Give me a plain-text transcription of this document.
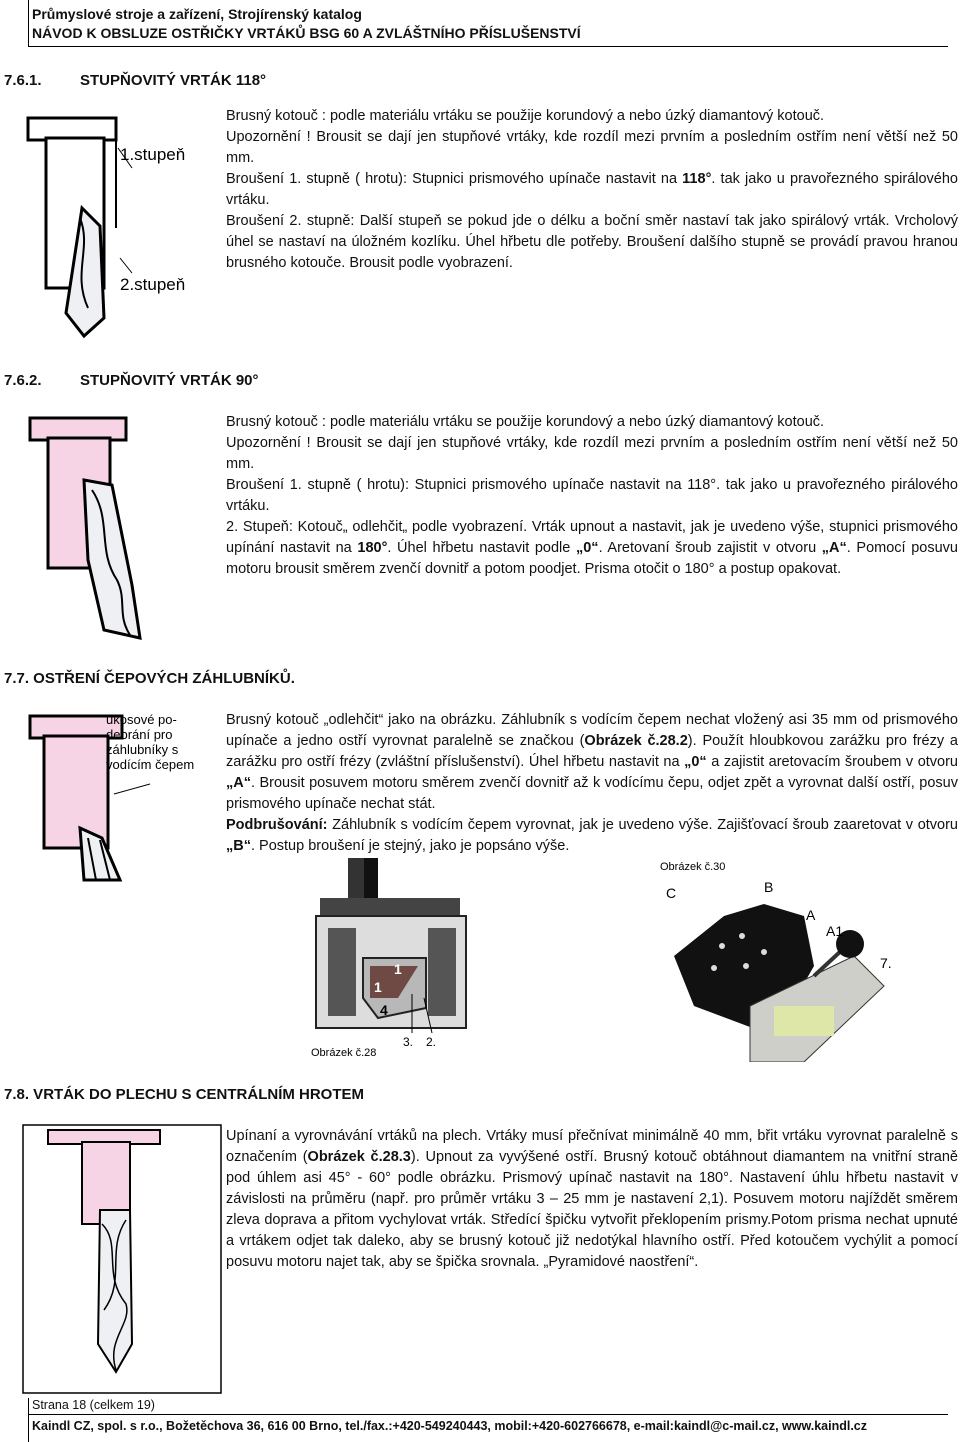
Průmyslové stroje a zařízení, Strojírenský katalog
NÁVOD K OBSLUZE OSTŘIČKY VRTÁKŮ BSG 60 A ZVLÁŠTNÍHO PŘÍSLUŠENSTVÍ
7.6.1.	STUPŇOVITÝ VRTÁK 118°
1.stupeň
2.stupeň

Brusný kotouč : podle materiálu vrtáku se použije korundový a nebo úzký diamantový kotouč.

Upozornění ! Brousit se dají jen stupňové vrtáky, kde rozdíl mezi prvním a posledním ostřím není větší než 50 mm.

Broušení 1. stupně ( hrotu): Stupnici prismového upínače nastavit na 118°. tak jako u pravořezného spirálového vrtáku.

Broušení 2. stupně: Další stupeň se pokud jde o délku a boční směr nastaví tak jako spirálový vrták. Vrcholový úhel se nastaví na úložném kozlíku. Úhel hřbetu dle potřeby. Broušení dalšího stupně se provádí pravou hranou brusného kotouče. Brousit podle vyobrazení.

7.6.2.	STUPŇOVITÝ VRTÁK 90°

Brusný kotouč : podle materiálu vrtáku se použije korundový a nebo úzký diamantový kotouč.

Upozornění ! Brousit se dají jen stupňové vrtáky, kde rozdíl mezi prvním a posledním ostřím není větší než 50 mm.

Broušení 1. stupně ( hrotu): Stupnici prismového upínače nastavit na 118°. tak jako u pravořezného pirálového vrtáku.

2. Stupeň: Kotouč„ odlehčit„ podle vyobrazení. Vrták upnout a nastavit, jak je uvedeno výše, stupnici prismového upínání nastavit na 180°. Úhel hřbetu nastavit podle „0“. Aretovaní šroub zajistit v otvoru „A“. Pomocí posuvu motoru brousit směrem zvenčí dovnitř a potom poodjet. Prisma otočit o 180° a postup opakovat.

7.7. OSTŘENÍ ČEPOVÝCH ZÁHLUBNÍKŮ.
ukosové po-
debrání pro
záhlubníky s
vodícím čepem

Brusný kotouč „odlehčit“ jako na obrázku. Záhlubník s vodícím čepem nechat vložený asi 35 mm od prismového upínače a jedno ostří vyrovnat paralelně se značkou (Obrázek č.28.2). Použít hloubkovou zarážku pro frézy a zarážku pro ostří frézy (zvláštní příslušenství). Úhel hřbetu nastavit na „0“ a zajistit aretovacím šroubem v otvoru „A“. Brousit posuvem motoru směrem zvenčí dovnitř až k vodícímu čepu, odjet zpět a vyrovnat další ostří, posuv prismového upínače nechat stát.

Podbrušování: Záhlubník s vodícím čepem vyrovnat, jak je uvedeno výše. Zajišťovací šroub zaaretovat v otvoru „B“. Postup broušení je stejný, jako je popsáno výše.

1
1
4
3. 2.
Obrázek č.28
Obrázek č.30
C	B
A
A1
7.
7.8. VRTÁK DO PLECHU S CENTRÁLNÍM HROTEM

Upínaní a vyrovnávání vrtáků na plech. Vrtáky musí přečnívat minimálně 40 mm, břit vrtáku vyrovnat paralelně s označením (Obrázek č.28.3). Upnout za vyvýšené ostří. Brusný kotouč obtáhnout diamantem na vnitřní straně pod úhlem asi 45° - 60° podle obrázku. Prismový upínač nastavit na 180°. Nastavení úhlu hřbetu nastavit v závislosti na průměru (např. pro průměr vrtáku 3 – 25 mm je nastavení 2,1). Posuvem motoru najíždět směrem zleva doprava a přitom vychylovat vrták. Středící špičku vytvořit překlopením prismy.Potom prisma nechat upnuté a vrtákem odjet tak daleko, aby se brusný kotouč již nedotýkal hlavního ostří. Před kotoučem vychýlit a pomocí posuvu motoru najet tak, aby se špička srovnala. „Pyramidové naostření“.

Strana 18 (celkem 19)
Kaindl CZ, spol. s r.o., Božetěchova 36, 616 00 Brno, tel./fax.:+420-549240443, mobil:+420-602766678, e-mail:kaindl@c-mail.cz, www.kaindl.cz
